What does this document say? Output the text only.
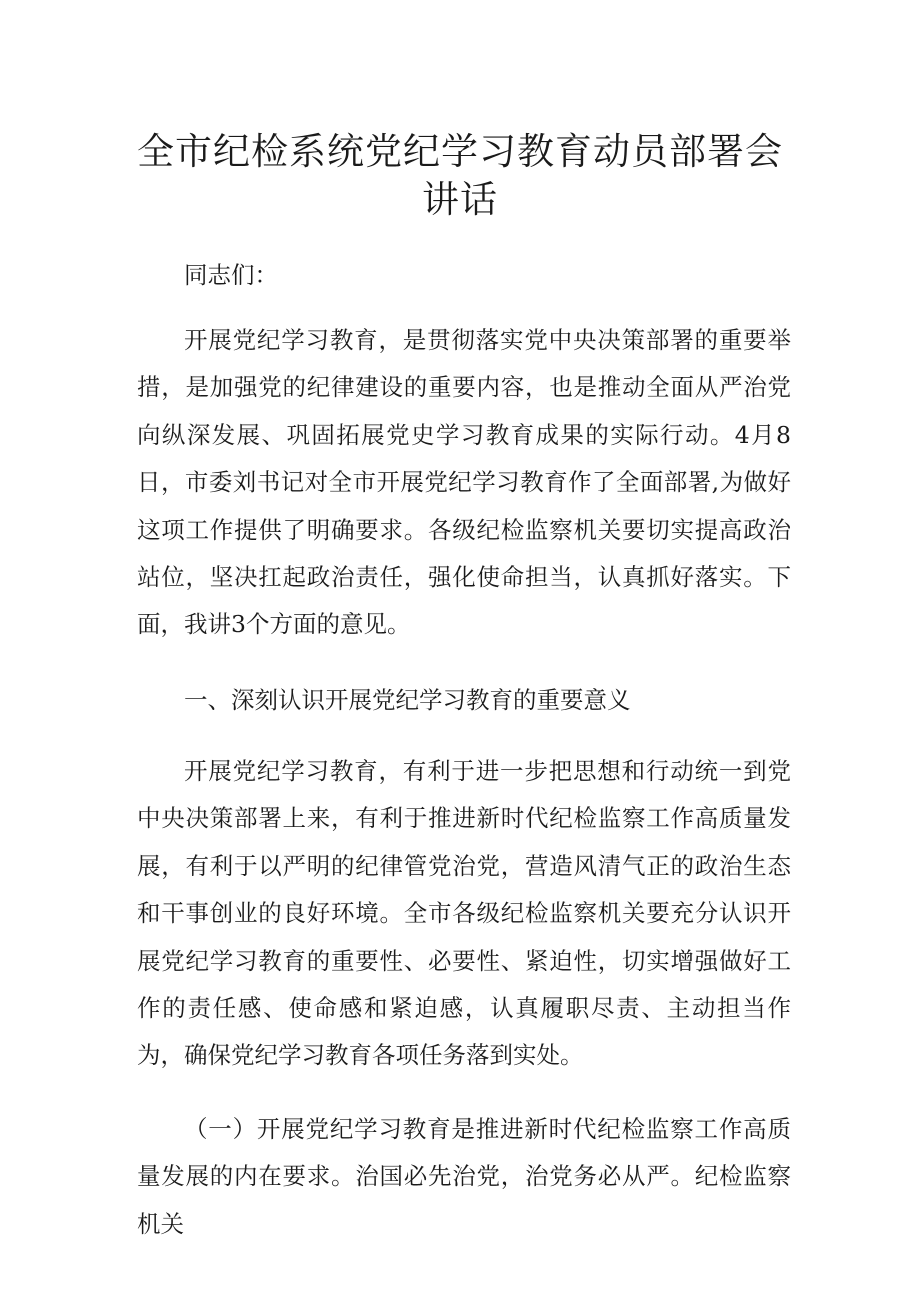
全市纪检系统党纪学习教育动员部署会讲话

同志们：

开展党纪学习教育，是贯彻落实党中央决策部署的重要举措，是加强党的纪律建设的重要内容，也是推动全面从严治党向纵深发展、巩固拓展党史学习教育成果的实际行动。4月8日，市委刘书记对全市开展党纪学习教育作了全面部署,为做好这项工作提供了明确要求。各级纪检监察机关要切实提高政治站位，坚决扛起政治责任，强化使命担当，认真抓好落实。下面，我讲3个方面的意见。

一、深刻认识开展党纪学习教育的重要意义

开展党纪学习教育，有利于进一步把思想和行动统一到党中央决策部署上来，有利于推进新时代纪检监察工作高质量发展，有利于以严明的纪律管党治党，营造风清气正的政治生态和干事创业的良好环境。全市各级纪检监察机关要充分认识开展党纪学习教育的重要性、必要性、紧迫性，切实增强做好工作的责任感、使命感和紧迫感，认真履职尽责、主动担当作为，确保党纪学习教育各项任务落到实处。

（一）开展党纪学习教育是推进新时代纪检监察工作高质量发展的内在要求。治国必先治党，治党务必从严。纪检监察机关
